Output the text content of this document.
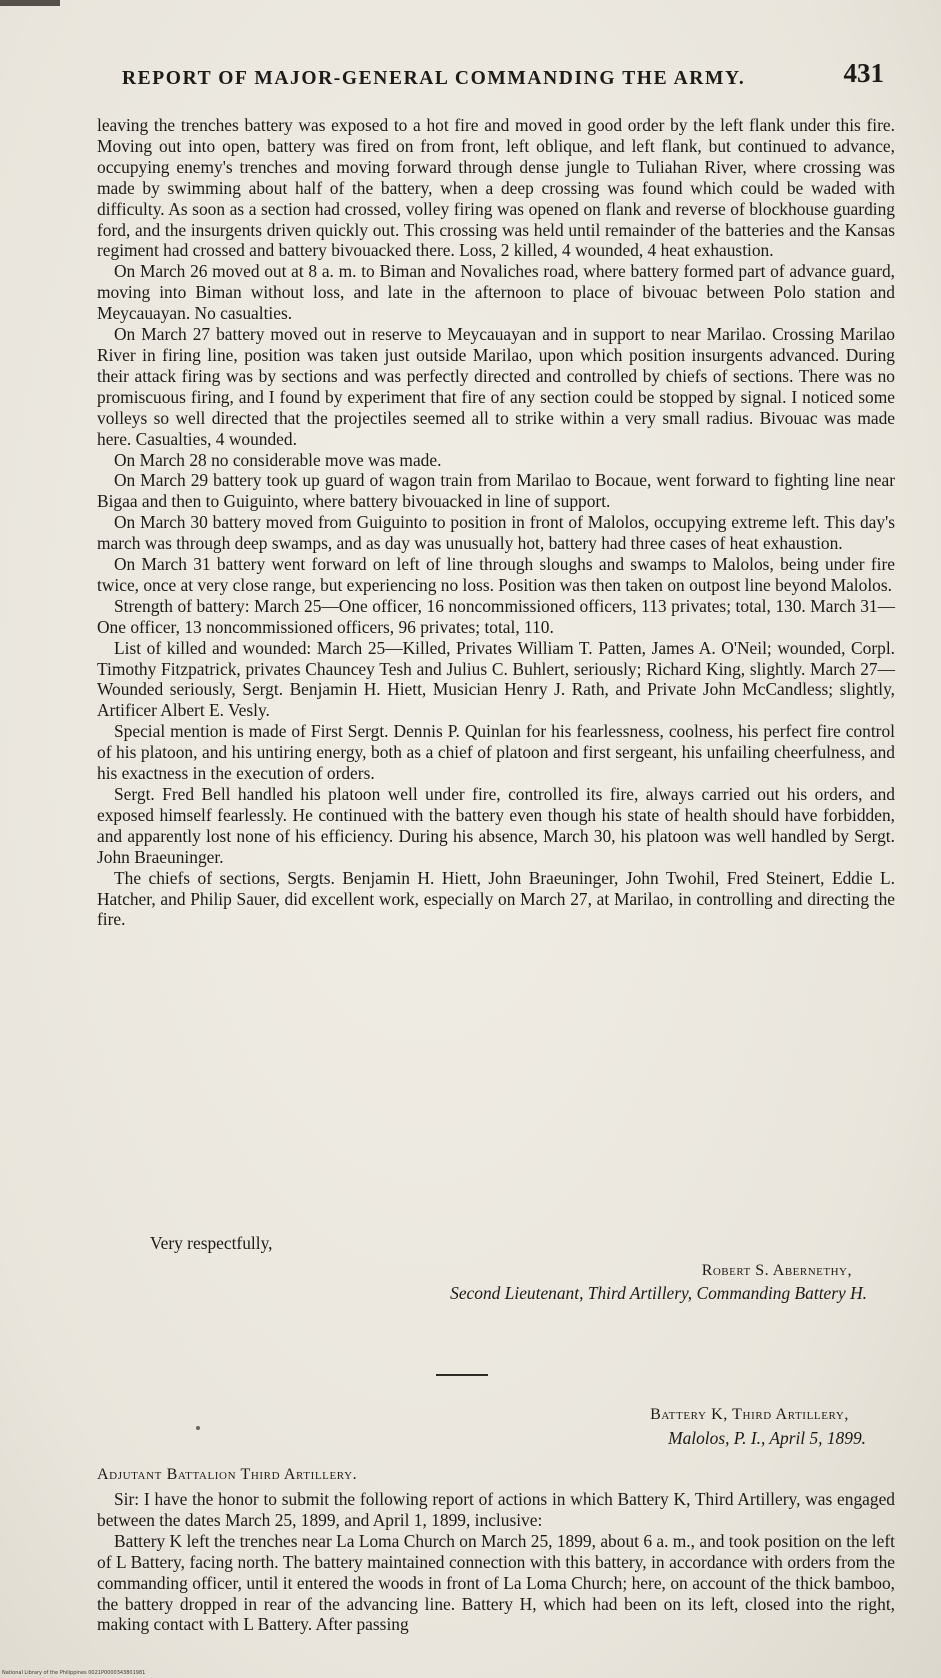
REPORT OF MAJOR-GENERAL COMMANDING THE ARMY.	431

leaving the trenches battery was exposed to a hot fire and moved in good order by the left flank under this fire. Moving out into open, battery was fired on from front, left oblique, and left flank, but continued to advance, occupying enemy's trenches and moving forward through dense jungle to Tuliahan River, where crossing was made by swimming about half of the battery, when a deep crossing was found which could be waded with difficulty. As soon as a section had crossed, volley firing was opened on flank and reverse of blockhouse guarding ford, and the insurgents driven quickly out. This crossing was held until remainder of the batteries and the Kansas regiment had crossed and battery bivouacked there. Loss, 2 killed, 4 wounded, 4 heat exhaustion.

On March 26 moved out at 8 a. m. to Biman and Novaliches road, where battery formed part of advance guard, moving into Biman without loss, and late in the afternoon to place of bivouac between Polo station and Meycauayan. No casualties.

On March 27 battery moved out in reserve to Meycauayan and in support to near Marilao. Crossing Marilao River in firing line, position was taken just outside Marilao, upon which position insurgents advanced. During their attack firing was by sections and was perfectly directed and controlled by chiefs of sections. There was no promiscuous firing, and I found by experiment that fire of any section could be stopped by signal. I noticed some volleys so well directed that the projectiles seemed all to strike within a very small radius. Bivouac was made here. Casualties, 4 wounded.

On March 28 no considerable move was made.

On March 29 battery took up guard of wagon train from Marilao to Bocaue, went forward to fighting line near Bigaa and then to Guiguinto, where battery bivouacked in line of support.

On March 30 battery moved from Guiguinto to position in front of Malolos, occupying extreme left. This day's march was through deep swamps, and as day was unusually hot, battery had three cases of heat exhaustion.

On March 31 battery went forward on left of line through sloughs and swamps to Malolos, being under fire twice, once at very close range, but experiencing no loss. Position was then taken on outpost line beyond Malolos.

Strength of battery: March 25—One officer, 16 noncommissioned officers, 113 privates; total, 130. March 31—One officer, 13 noncommissioned officers, 96 privates; total, 110.

List of killed and wounded: March 25—Killed, Privates William T. Patten, James A. O'Neil; wounded, Corpl. Timothy Fitzpatrick, privates Chauncey Tesh and Julius C. Buhlert, seriously; Richard King, slightly. March 27—Wounded seriously, Sergt. Benjamin H. Hiett, Musician Henry J. Rath, and Private John McCandless; slightly, Artificer Albert E. Vesly.

Special mention is made of First Sergt. Dennis P. Quinlan for his fearlessness, coolness, his perfect fire control of his platoon, and his untiring energy, both as a chief of platoon and first sergeant, his unfailing cheerfulness, and his exactness in the execution of orders.

Sergt. Fred Bell handled his platoon well under fire, controlled its fire, always carried out his orders, and exposed himself fearlessly. He continued with the battery even though his state of health should have forbidden, and apparently lost none of his efficiency. During his absence, March 30, his platoon was well handled by Sergt. John Braeuninger.

The chiefs of sections, Sergts. Benjamin H. Hiett, John Braeuninger, John Twohil, Fred Steinert, Eddie L. Hatcher, and Philip Sauer, did excellent work, especially on March 27, at Marilao, in controlling and directing the fire.

Very respectfully,
Robert S. Abernethy,
Second Lieutenant, Third Artillery, Commanding Battery H.
Battery K, Third Artillery,
Malolos, P. I., April 5, 1899.
Adjutant Battalion Third Artillery.

Sir: I have the honor to submit the following report of actions in which Battery K, Third Artillery, was engaged between the dates March 25, 1899, and April 1, 1899, inclusive:

Battery K left the trenches near La Loma Church on March 25, 1899, about 6 a. m., and took position on the left of L Battery, facing north. The battery maintained connection with this battery, in accordance with orders from the commanding officer, until it entered the woods in front of La Loma Church; here, on account of the thick bamboo, the battery dropped in rear of the advancing line. Battery H, which had been on its left, closed into the right, making contact with L Battery. After passing

National Library of the Philippines 0021P0000343801981
